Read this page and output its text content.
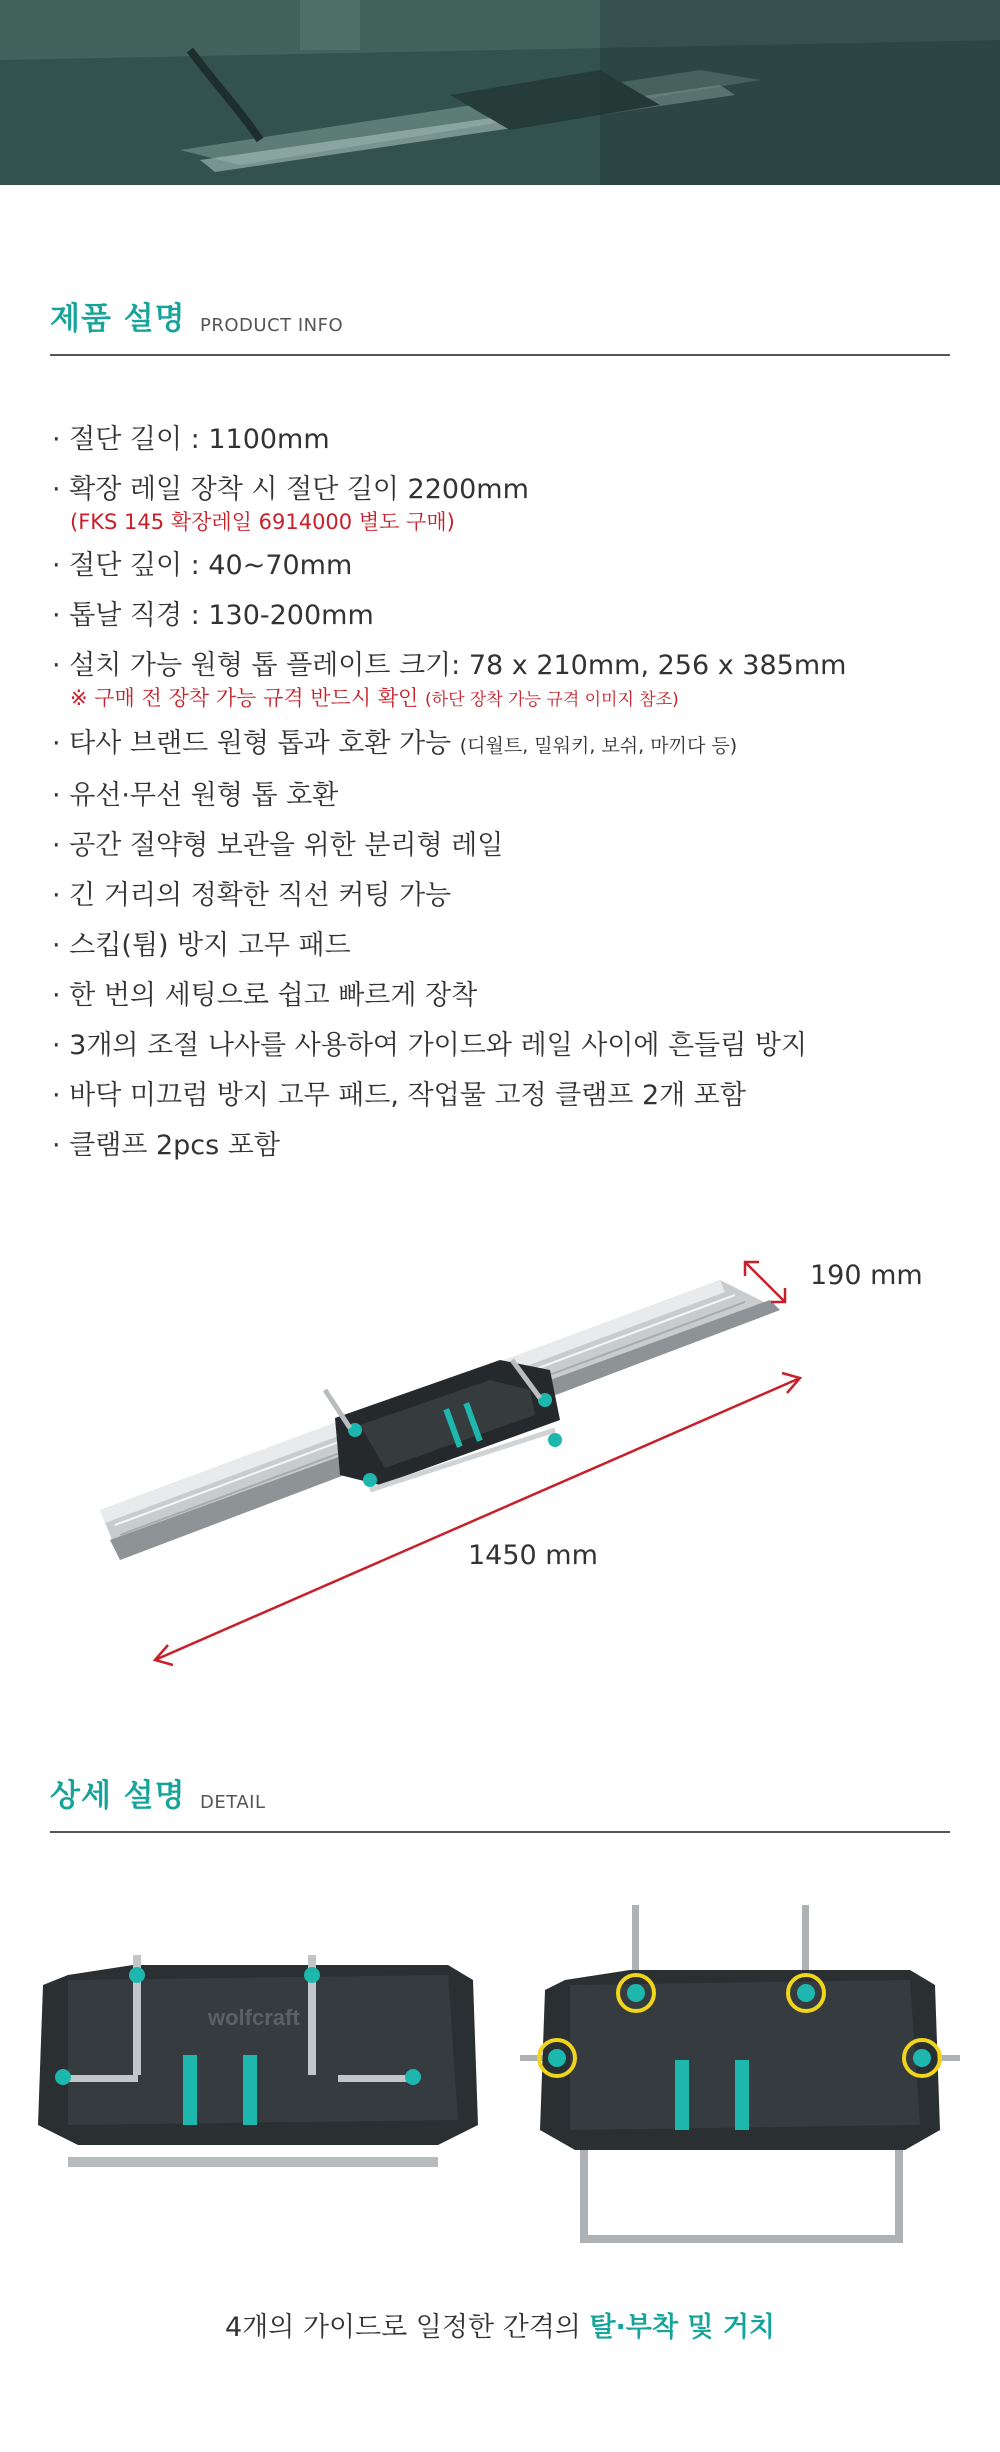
제품 설명 PRODUCT INFO
· 절단 길이 : 1100mm
· 확장 레일 장착 시 절단 길이 2200mm
(FKS 145 확장레일 6914000 별도 구매)
· 절단 깊이 : 40~70mm
· 톱날 직경 : 130-200mm
· 설치 가능 원형 톱 플레이트 크기: 78 x 210mm, 256 x 385mm
※ 구매 전 장착 가능 규격 반드시 확인 (하단 장착 가능 규격 이미지 참조)
· 타사 브랜드 원형 톱과 호환 가능 (디월트, 밀워키, 보쉬, 마끼다 등)
· 유선·무선 원형 톱 호환
· 공간 절약형 보관을 위한 분리형 레일
· 긴 거리의 정확한 직선 커팅 가능
· 스킵(튐) 방지 고무 패드
· 한 번의 세팅으로 쉽고 빠르게 장착
· 3개의 조절 나사를 사용하여 가이드와 레일 사이에 흔들림 방지
· 바닥 미끄럼 방지 고무 패드, 작업물 고정 클램프 2개 포함
· 클램프 2pcs 포함
190 mm
1450 mm
상세 설명 DETAIL
wolfcraft
4개의 가이드로 일정한 간격의 탈·부착 및 거치
